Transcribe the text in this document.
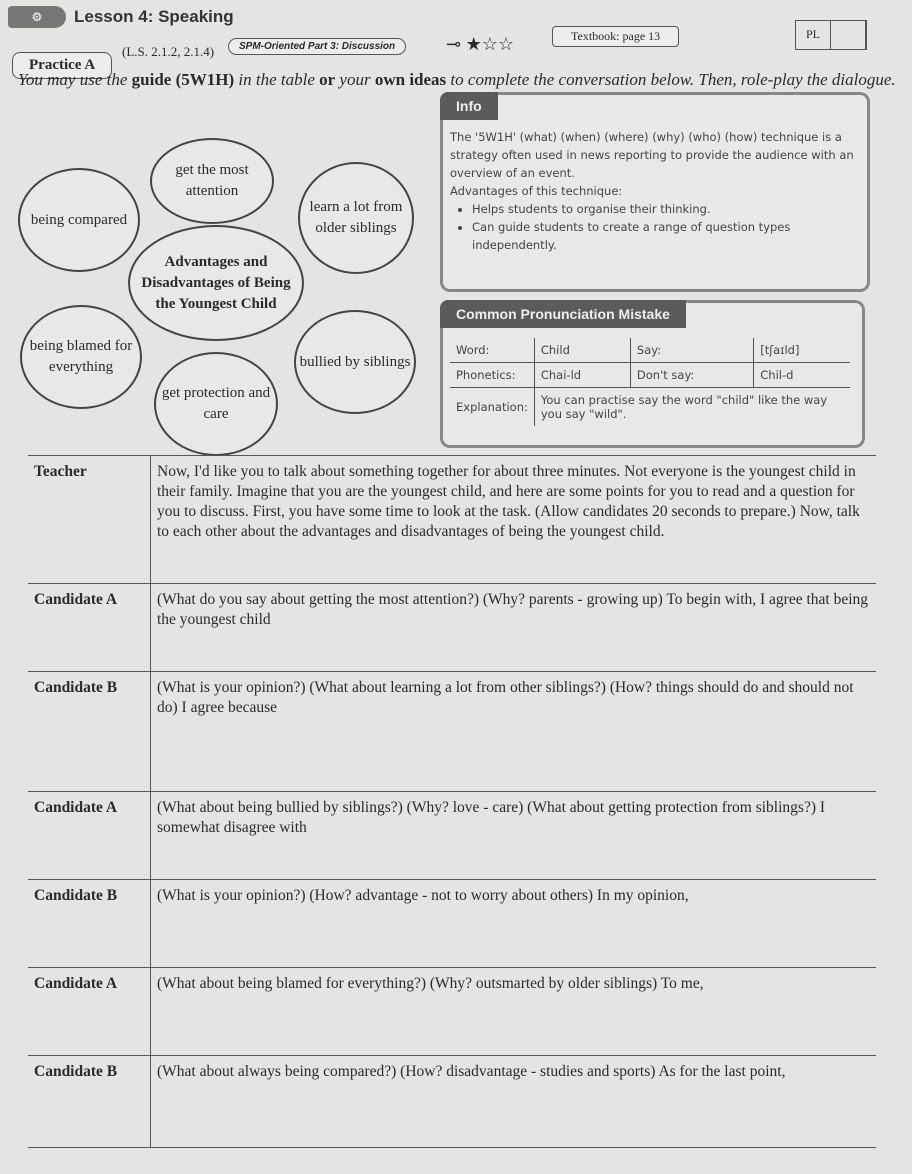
⚙	Lesson 4: Speaking
PL
Textbook: page 13
⊸ ★☆☆
SPM-Oriented Part 3: Discussion
(L.S. 2.1.2, 2.1.4)
Practice A
You may use the guide (5W1H) in the table or your own ideas to complete the conversation below. Then, role-play the dialogue.
get the most attention
being compared
learn a lot from older siblings
Advantages and Disadvantages of Being the Youngest Child
being blamed for everything	bullied by siblings
get protection and care
Info
The '5W1H' (what) (when) (where) (why) (who) (how) technique is a strategy often used in news reporting to provide the audience with an overview of an event.
Advantages of this technique:
• Helps students to organise their thinking.
• Can guide students to create a range of question types independently.
Common Pronunciation Mistake
Word:	Child	Say:	[tʃaɪld]
Phonetics:	Chai-ld	Don't say:	Chil-d
Explanation:	You can practise say the word "child" like the way you say "wild".		
Teacher	Now, I'd like you to talk about something together for about three minutes. Not everyone is the youngest child in their family. Imagine that you are the youngest child, and here are some points for you to read and a question for you to discuss. First, you have some time to look at the task. (Allow candidates 20 seconds to prepare.) Now, talk to each other about the advantages and disadvantages of being the youngest child.
Candidate A	(What do you say about getting the most attention?) (Why? parents - growing up) To begin with, I agree that being the youngest child
Candidate B	(What is your opinion?) (What about learning a lot from other siblings?) (How? things should do and should not do) I agree because
Candidate A	(What about being bullied by siblings?) (Why? love - care) (What about getting protection from siblings?) I somewhat disagree with
Candidate B	(What is your opinion?) (How? advantage - not to worry about others) In my opinion,
Candidate A	(What about being blamed for everything?) (Why? outsmarted by older siblings) To me,
Candidate B	(What about always being compared?) (How? disadvantage - studies and sports) As for the last point,
